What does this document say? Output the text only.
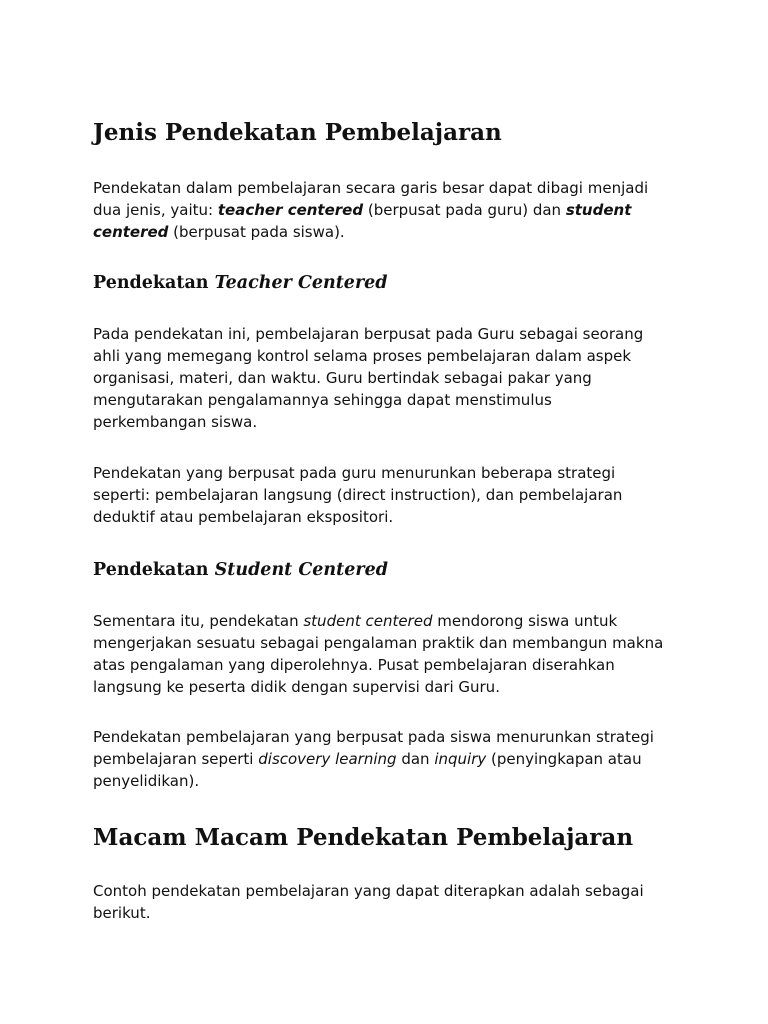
Jenis Pendekatan Pembelajaran

Pendekatan dalam pembelajaran secara garis besar dapat dibagi menjadi
dua jenis, yaitu: teacher centered (berpusat pada guru) dan student
centered (berpusat pada siswa).

Pendekatan Teacher Centered

Pada pendekatan ini, pembelajaran berpusat pada Guru sebagai seorang
ahli yang memegang kontrol selama proses pembelajaran dalam aspek
organisasi, materi, dan waktu. Guru bertindak sebagai pakar yang
mengutarakan pengalamannya sehingga dapat menstimulus
perkembangan siswa.

Pendekatan yang berpusat pada guru menurunkan beberapa strategi
seperti: pembelajaran langsung (direct instruction), dan pembelajaran
deduktif atau pembelajaran ekspositori.

Pendekatan Student Centered

Sementara itu, pendekatan student centered mendorong siswa untuk
mengerjakan sesuatu sebagai pengalaman praktik dan membangun makna
atas pengalaman yang diperolehnya. Pusat pembelajaran diserahkan
langsung ke peserta didik dengan supervisi dari Guru.

Pendekatan pembelajaran yang berpusat pada siswa menurunkan strategi
pembelajaran seperti discovery learning dan inquiry (penyingkapan atau
penyelidikan).

Macam Macam Pendekatan Pembelajaran

Contoh pendekatan pembelajaran yang dapat diterapkan adalah sebagai
berikut.
